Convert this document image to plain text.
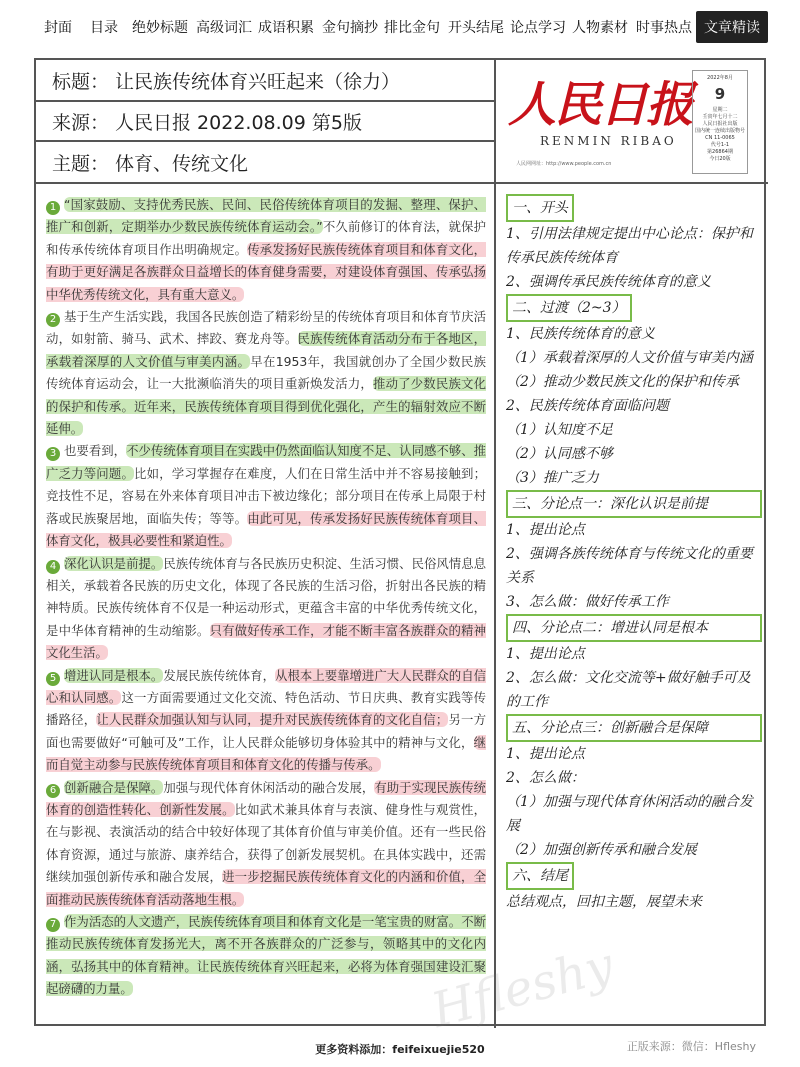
封面 目录 绝妙标题 高级词汇 成语积累 金句摘抄 排比金句 开头结尾 论点学习 人物素材 时事热点 文章精读
标题： 让民族传统体育兴旺起来（徐力）
来源： 人民日报 2022.08.09 第5版
主题： 体育、传统文化
人民日报
RENMIN RIBAO
人民网网址：http://www.people.com.cn
2022年8月
9
星期二
壬寅年七月十二
人民日报社出版
国内统一连续出版物号
CN 11-0065
代号1-1
第26864期
今日20版

1 “国家鼓励、支持优秀民族、民间、民俗传统体育项目的发掘、整理、保护、推广和创新，定期举办少数民族传统体育运动会。”不久前修订的体育法，就保护和传承传统体育项目作出明确规定。传承发扬好民族传统体育项目和体育文化，有助于更好满足各族群众日益增长的体育健身需要，对建设体育强国、传承弘扬中华优秀传统文化，具有重大意义。

2 基于生产生活实践，我国各民族创造了精彩纷呈的传统体育项目和体育节庆活动，如射箭、骑马、武术、摔跤、赛龙舟等。民族传统体育活动分布于各地区，承载着深厚的人文价值与审美内涵。早在1953年，我国就创办了全国少数民族传统体育运动会，让一大批濒临消失的项目重新焕发活力，推动了少数民族文化的保护和传承。近年来，民族传统体育项目得到优化强化，产生的辐射效应不断延伸。

3 也要看到，不少传统体育项目在实践中仍然面临认知度不足、认同感不够、推广乏力等问题。比如，学习掌握存在难度，人们在日常生活中并不容易接触到；竞技性不足，容易在外来体育项目冲击下被边缘化；部分项目在传承上局限于村落或民族聚居地，面临失传；等等。由此可见，传承发扬好民族传统体育项目、体育文化，极具必要性和紧迫性。

4 深化认识是前提。民族传统体育与各民族历史积淀、生活习惯、民俗风情息息相关，承载着各民族的历史文化，体现了各民族的生活习俗，折射出各民族的精神特质。民族传统体育不仅是一种运动形式，更蕴含丰富的中华优秀传统文化，是中华体育精神的生动缩影。只有做好传承工作，才能不断丰富各族群众的精神文化生活。

5 增进认同是根本。发展民族传统体育，从根本上要靠增进广大人民群众的自信心和认同感。这一方面需要通过文化交流、特色活动、节日庆典、教育实践等传播路径，让人民群众加强认知与认同，提升对民族传统体育的文化自信；另一方面也需要做好“可触可及”工作，让人民群众能够切身体验其中的精神与文化，继而自觉主动参与民族传统体育项目和体育文化的传播与传承。

6 创新融合是保障。加强与现代体育休闲活动的融合发展，有助于实现民族传统体育的创造性转化、创新性发展。比如武术兼具体育与表演、健身性与观赏性，在与影视、表演活动的结合中较好体现了其体育价值与审美价值。还有一些民俗体育资源，通过与旅游、康养结合，获得了创新发展契机。在具体实践中，还需继续加强创新传承和融合发展，进一步挖掘民族传统体育文化的内涵和价值，全面推动民族传统体育活动落地生根。

7 作为活态的人文遗产，民族传统体育项目和体育文化是一笔宝贵的财富。不断推动民族传统体育发扬光大，离不开各族群众的广泛参与，领略其中的文化内涵，弘扬其中的体育精神。让民族传统体育兴旺起来，必将为体育强国建设汇聚起磅礴的力量。

一、开头
1、引用法律规定提出中心论点：保护和传承民族传统体育
2、强调传承民族传统体育的意义
二、过渡（2~3）
1、民族传统体育的意义
（1）承载着深厚的人文价值与审美内涵
（2）推动少数民族文化的保护和传承
2、民族传统体育面临问题
（1）认知度不足
（2）认同感不够
（3）推广乏力
三、分论点一：深化认识是前提
1、提出论点
2、强调各族传统体育与传统文化的重要关系
3、怎么做：做好传承工作
四、分论点二：增进认同是根本
1、提出论点
2、怎么做：文化交流等+做好触手可及的工作
五、分论点三：创新融合是保障
1、提出论点
2、怎么做：
（1）加强与现代体育休闲活动的融合发展
（2）加强创新传承和融合发展
六、结尾
总结观点，回扣主题，展望未来
Hfleshy
更多资料添加：feifeixuejie520	正版来源：微信：Hfleshy
